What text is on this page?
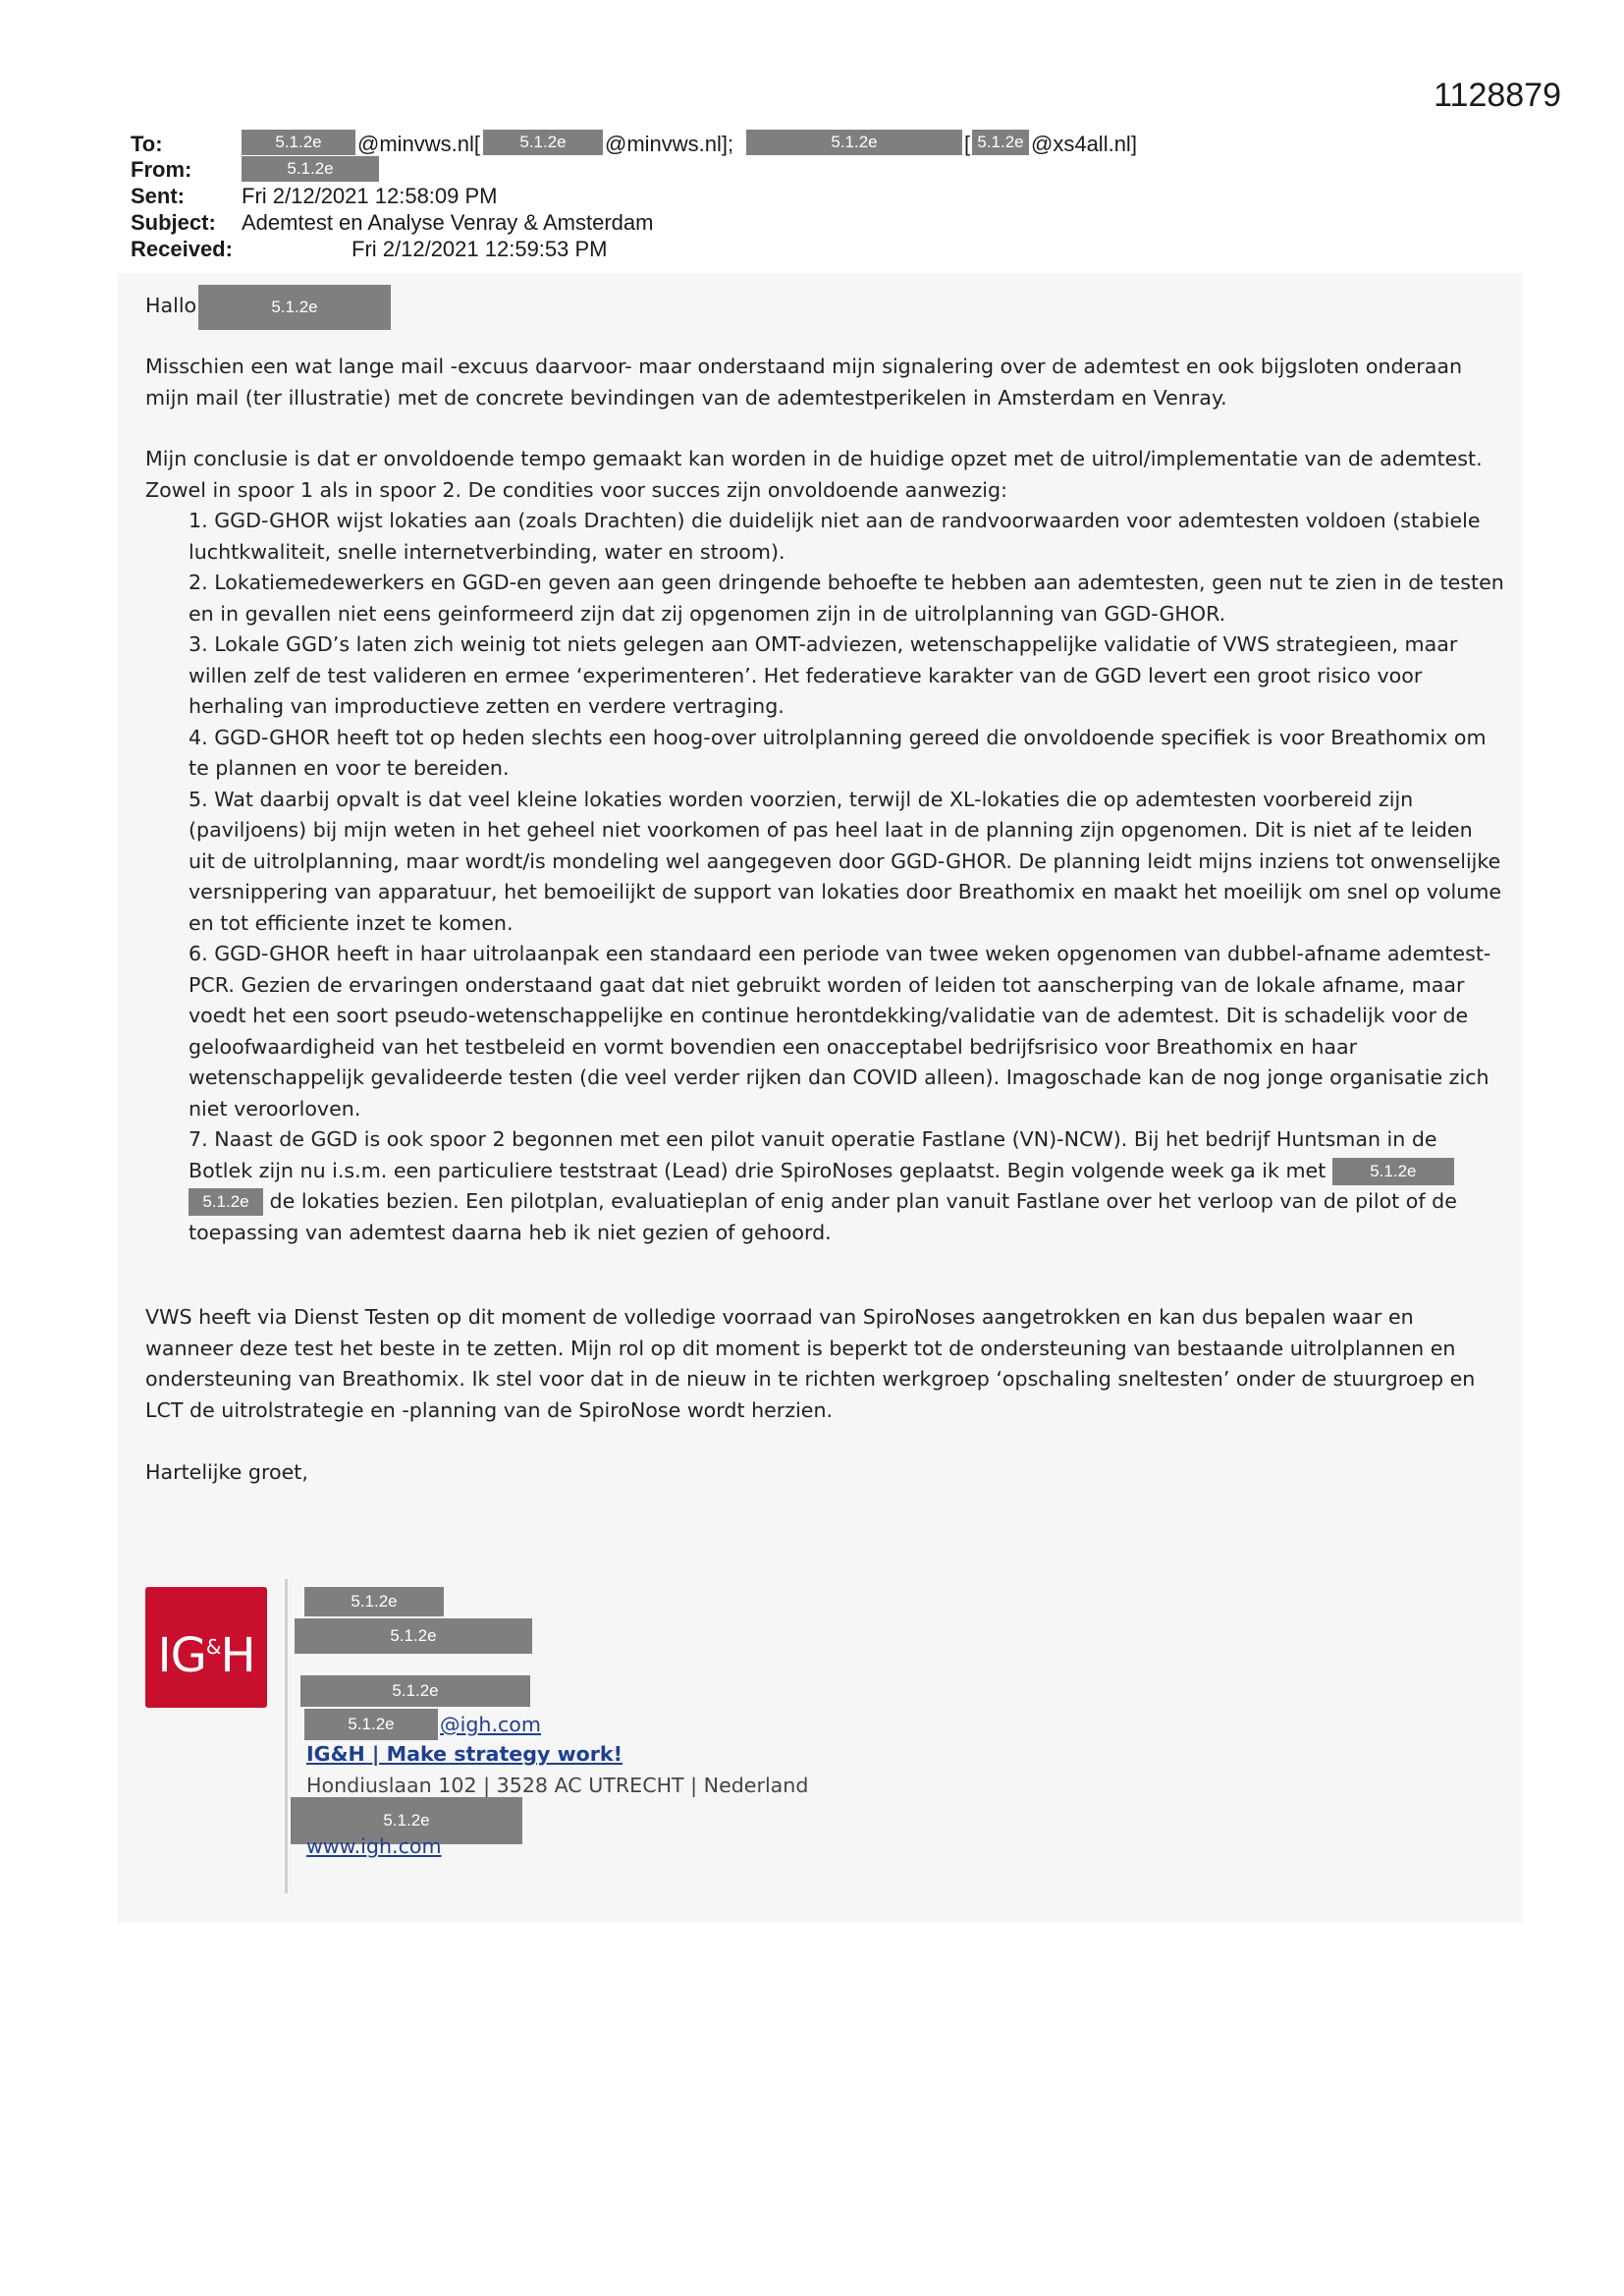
1128879
To:	5.1.2e	@minvws.nl[	5.1.2e	@minvws.nl];	5.1.2e	[ 5.1.2e @xs4all.nl]
From:	5.1.2e
Sent:	Fri 2/12/2021 12:58:09 PM
Subject: Ademtest en Analyse Venray & Amsterdam
Received:	Fri 2/12/2021 12:59:53 PM
Hallo	5.1.2e

Misschien een wat lange mail -excuus daarvoor- maar onderstaand mijn signalering over de ademtest en ook bijgsloten onderaan mijn mail (ter illustratie) met de concrete bevindingen van de ademtestperikelen in Amsterdam en Venray.

Mijn conclusie is dat er onvoldoende tempo gemaakt kan worden in de huidige opzet met de uitrol/implementatie van de ademtest. Zowel in spoor 1 als in spoor 2. De condities voor succes zijn onvoldoende aanwezig:

1. GGD-GHOR wijst lokaties aan (zoals Drachten) die duidelijk niet aan de randvoorwaarden voor ademtesten voldoen (stabiele luchtkwaliteit, snelle internetverbinding, water en stroom).
2. Lokatiemedewerkers en GGD-en geven aan geen dringende behoefte te hebben aan ademtesten, geen nut te zien in de testen en in gevallen niet eens geinformeerd zijn dat zij opgenomen zijn in de uitrolplanning van GGD-GHOR.
3. Lokale GGD’s laten zich weinig tot niets gelegen aan OMT-adviezen, wetenschappelijke validatie of VWS strategieen, maar willen zelf de test valideren en ermee ‘experimenteren’. Het federatieve karakter van de GGD levert een groot risico voor herhaling van improductieve zetten en verdere vertraging.
4. GGD-GHOR heeft tot op heden slechts een hoog-over uitrolplanning gereed die onvoldoende specifiek is voor Breathomix om te plannen en voor te bereiden.
5. Wat daarbij opvalt is dat veel kleine lokaties worden voorzien, terwijl de XL-lokaties die op ademtesten voorbereid zijn (paviljoens) bij mijn weten in het geheel niet voorkomen of pas heel laat in de planning zijn opgenomen. Dit is niet af te leiden uit de uitrolplanning, maar wordt/is mondeling wel aangegeven door GGD-GHOR. De planning leidt mijns inziens tot onwenselijke versnippering van apparatuur, het bemoeilijkt de support van lokaties door Breathomix en maakt het moeilijk om snel op volume en tot efficiente inzet te komen.
6. GGD-GHOR heeft in haar uitrolaanpak een standaard een periode van twee weken opgenomen van dubbel-afname ademtest-PCR. Gezien de ervaringen onderstaand gaat dat niet gebruikt worden of leiden tot aanscherping van de lokale afname, maar voedt het een soort pseudo-wetenschappelijke en continue herontdekking/validatie van de ademtest. Dit is schadelijk voor de geloofwaardigheid van het testbeleid en vormt bovendien een onacceptabel bedrijfsrisico voor Breathomix en haar wetenschappelijk gevalideerde testen (die veel verder rijken dan COVID alleen). Imagoschade kan de nog jonge organisatie zich niet veroorloven.
7. Naast de GGD is ook spoor 2 begonnen met een pilot vanuit operatie Fastlane (VN)-NCW). Bij het bedrijf Huntsman in de Botlek zijn nu i.s.m. een particuliere teststraat (Lead) drie SpiroNoses geplaatst. Begin volgende week ga ik met	5.1.2e 5.1.2e de lokaties bezien. Een pilotplan, evaluatieplan of enig ander plan vanuit Fastlane over het verloop van de pilot of de toepassing van ademtest daarna heb ik niet gezien of gehoord.

VWS heeft via Dienst Testen op dit moment de volledige voorraad van SpiroNoses aangetrokken en kan dus bepalen waar en wanneer deze test het beste in te zetten. Mijn rol op dit moment is beperkt tot de ondersteuning van bestaande uitrolplannen en ondersteuning van Breathomix. Ik stel voor dat in de nieuw in te richten werkgroep ‘opschaling sneltesten’ onder de stuurgroep en LCT de uitrolstrategie en -planning van de SpiroNose wordt herzien.

Hartelijke groet,

IG&H
5.1.2e
5.1.2e
5.1.2e
5.1.2e	@igh.com
IG&H | Make strategy work!
Hondiuslaan 102 | 3528 AC UTRECHT | Nederland
5.1.2e
www.igh.com
